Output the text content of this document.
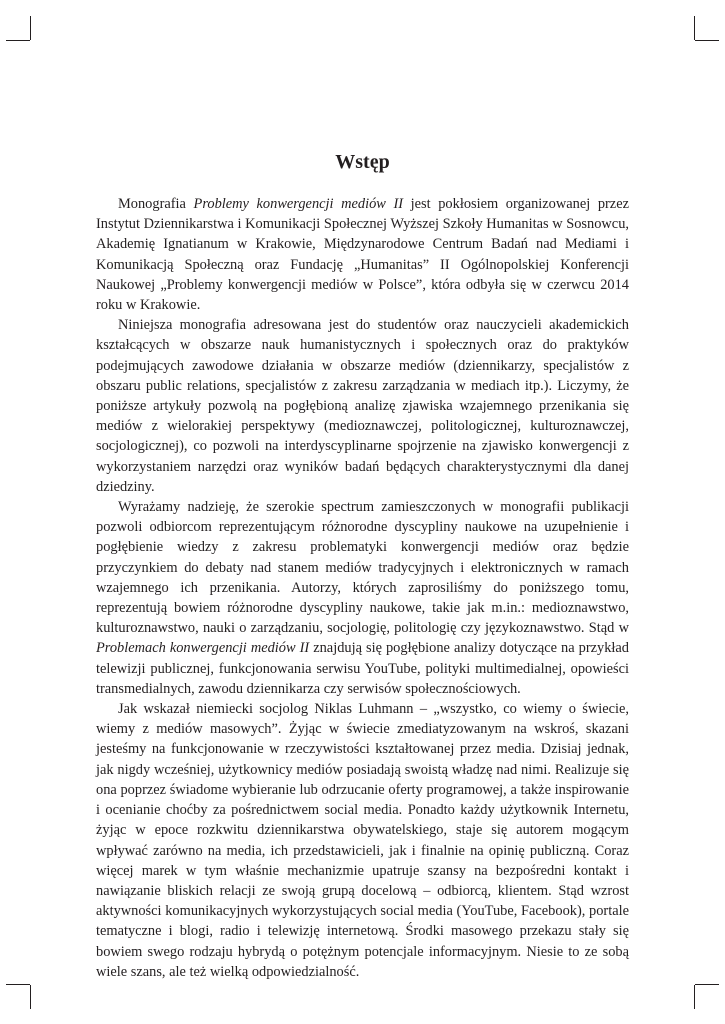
Wstęp

Monografia Problemy konwergencji mediów II jest pokłosiem organizowanej przez Instytut Dziennikarstwa i Komunikacji Społecznej Wyższej Szkoły Humanitas w Sosnowcu, Akademię Ignatianum w Krakowie, Międzynarodowe Centrum Badań nad Mediami i Komunikacją Społeczną oraz Fundację „Humanitas” II Ogólnopolskiej Konferencji Naukowej „Problemy konwergencji mediów w Polsce”, która odbyła się w czerwcu 2014 roku w Krakowie.

Niniejsza monografia adresowana jest do studentów oraz nauczycieli akademickich kształcących w obszarze nauk humanistycznych i społecznych oraz do praktyków podejmujących zawodowe działania w obszarze mediów (dziennikarzy, specjalistów z obszaru public relations, specjalistów z zakresu zarządzania w mediach itp.). Liczymy, że poniższe artykuły pozwolą na pogłębioną analizę zjawiska wzajemnego przenikania się mediów z wielorakiej perspektywy (medioznawczej, politologicznej, kulturoznawczej, socjologicznej), co pozwoli na interdyscyplinarne spojrzenie na zjawisko konwergencji z wykorzystaniem narzędzi oraz wyników badań będących charakterystycznymi dla danej dziedziny.

Wyrażamy nadzieję, że szerokie spectrum zamieszczonych w monografii publikacji pozwoli odbiorcom reprezentującym różnorodne dyscypliny naukowe na uzupełnienie i pogłębienie wiedzy z zakresu problematyki konwergencji mediów oraz będzie przyczynkiem do debaty nad stanem mediów tradycyjnych i elektronicznych w ramach wzajemnego ich przenikania. Autorzy, których zaprosiliśmy do poniższego tomu, reprezentują bowiem różnorodne dyscypliny naukowe, takie jak m.in.: medioznawstwo, kulturoznawstwo, nauki o zarządzaniu, socjologię, politologię czy językoznawstwo. Stąd w Problemach konwergencji mediów II znajdują się pogłębione analizy dotyczące na przykład telewizji publicznej, funkcjonowania serwisu YouTube, polityki multimedialnej, opowieści transmedialnych, zawodu dziennikarza czy serwisów społecznościowych.

Jak wskazał niemiecki socjolog Niklas Luhmann – „wszystko, co wiemy o świecie, wiemy z mediów masowych”. Żyjąc w świecie zmediatyzowanym na wskroś, skazani jesteśmy na funkcjonowanie w rzeczywistości kształtowanej przez media. Dzisiaj jednak, jak nigdy wcześniej, użytkownicy mediów posiadają swoistą władzę nad nimi. Realizuje się ona poprzez świadome wybieranie lub odrzucanie oferty programowej, a także inspirowanie i ocenianie choćby za pośrednictwem social media. Ponadto każdy użytkownik Internetu, żyjąc w epoce rozkwitu dziennikarstwa obywatelskiego, staje się autorem mogącym wpływać zarówno na media, ich przedstawicieli, jak i finalnie na opinię publiczną. Coraz więcej marek w tym właśnie mechanizmie upatruje szansy na bezpośredni kontakt i nawiązanie bliskich relacji ze swoją grupą docelową – odbiorcą, klientem. Stąd wzrost aktywności komunikacyjnych wykorzystujących social media (YouTube, Facebook), portale tematyczne i blogi, radio i telewizję internetową. Środki masowego przekazu stały się bowiem swego rodzaju hybrydą o potężnym potencjale informacyjnym. Niesie to ze sobą wiele szans, ale też wielką odpowiedzialność.
